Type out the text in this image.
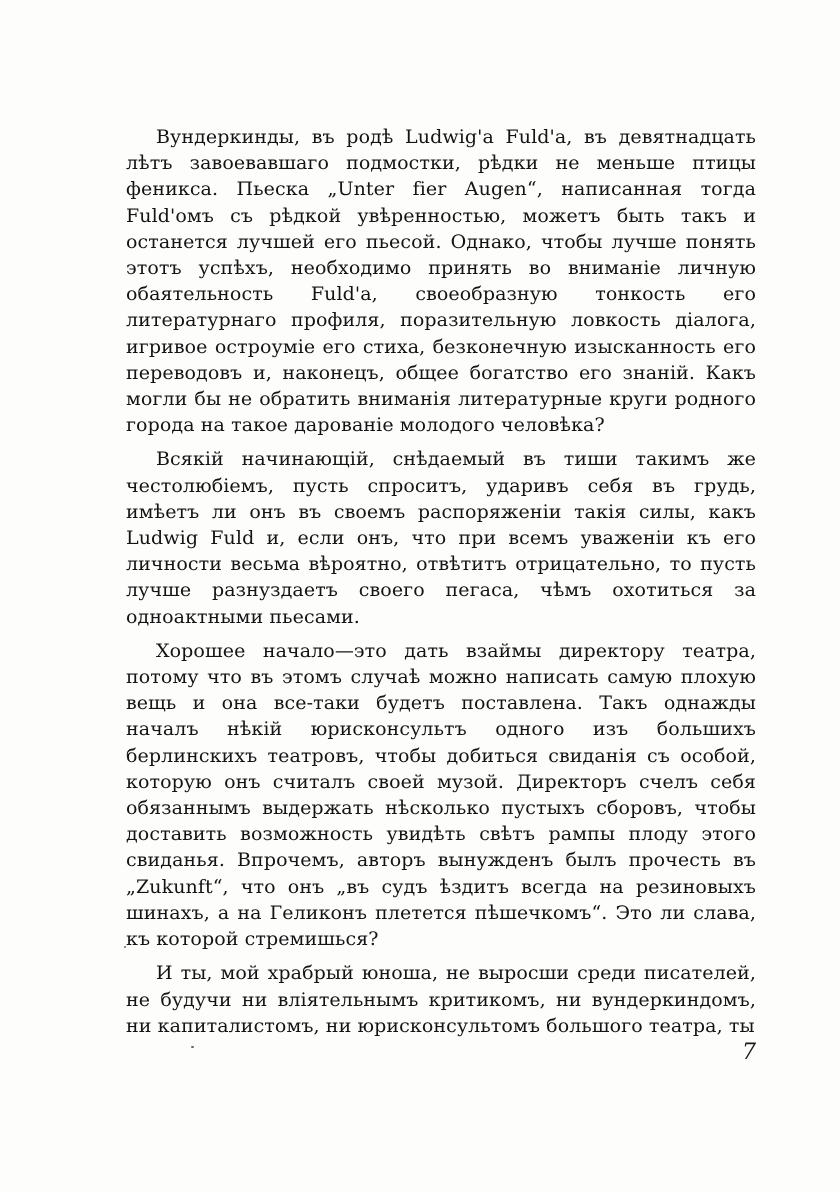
Вундеркинды, въ родѣ Ludwig'a Fuld'a, въ девятнадцать лѣтъ завоевавшаго подмостки, рѣдки не меньше птицы феникса. Пьеска „Unter fier Augen“, написанная тогда Fuld'омъ съ рѣдкой увѣренностью, можетъ быть такъ и останется лучшей его пьесой. Однако, чтобы лучше понять этотъ успѣхъ, необходимо принять во вниманіе личную обаятельность Fuld'a, своеобразную тонкость его литературнаго профиля, поразительную ловкость діалога, игривое остроуміе его стиха, безконечную изысканность его переводовъ и, наконецъ, общее богатство его знаній. Какъ могли бы не обратить вниманія литературные круги родного города на такое дарованіе молодого человѣка?

Всякій начинающій, снѣдаемый въ тиши такимъ же честолюбіемъ, пусть спроситъ, ударивъ себя въ грудь, имѣетъ ли онъ въ своемъ распоряженіи такія силы, какъ Ludwig Fuld и, если онъ, что при всемъ уваженіи къ его личности весьма вѣроятно, отвѣтитъ отрицательно, то пусть лучше разнуздаетъ своего пегаса, чѣмъ охотиться за одноактными пьесами.

Хорошее начало—это дать взаймы директору театра, потому что въ этомъ случаѣ можно написать самую плохую вещь и она все-таки будетъ поставлена. Такъ однажды началъ нѣкій юрисконсультъ одного изъ большихъ берлинскихъ театровъ, чтобы добиться свиданія съ особой, которую онъ считалъ своей музой. Директоръ счелъ себя обязаннымъ выдержать нѣсколько пустыхъ сборовъ, чтобы доставить возможность увидѣть свѣтъ рампы плоду этого свиданья. Впрочемъ, авторъ вынужденъ былъ прочесть въ „Zukunft“, что онъ „въ судъ ѣздитъ всегда на резиновыхъ шинахъ, а на Геликонъ плетется пѣшечкомъ“. Это ли слава, къ которой стремишься?

И ты, мой храбрый юноша, не выросши среди писателей, не будучи ни вліятельнымъ критикомъ, ни вундеркиндомъ, ни капиталистомъ, ни юрисконсультомъ большого театра, ты

7
